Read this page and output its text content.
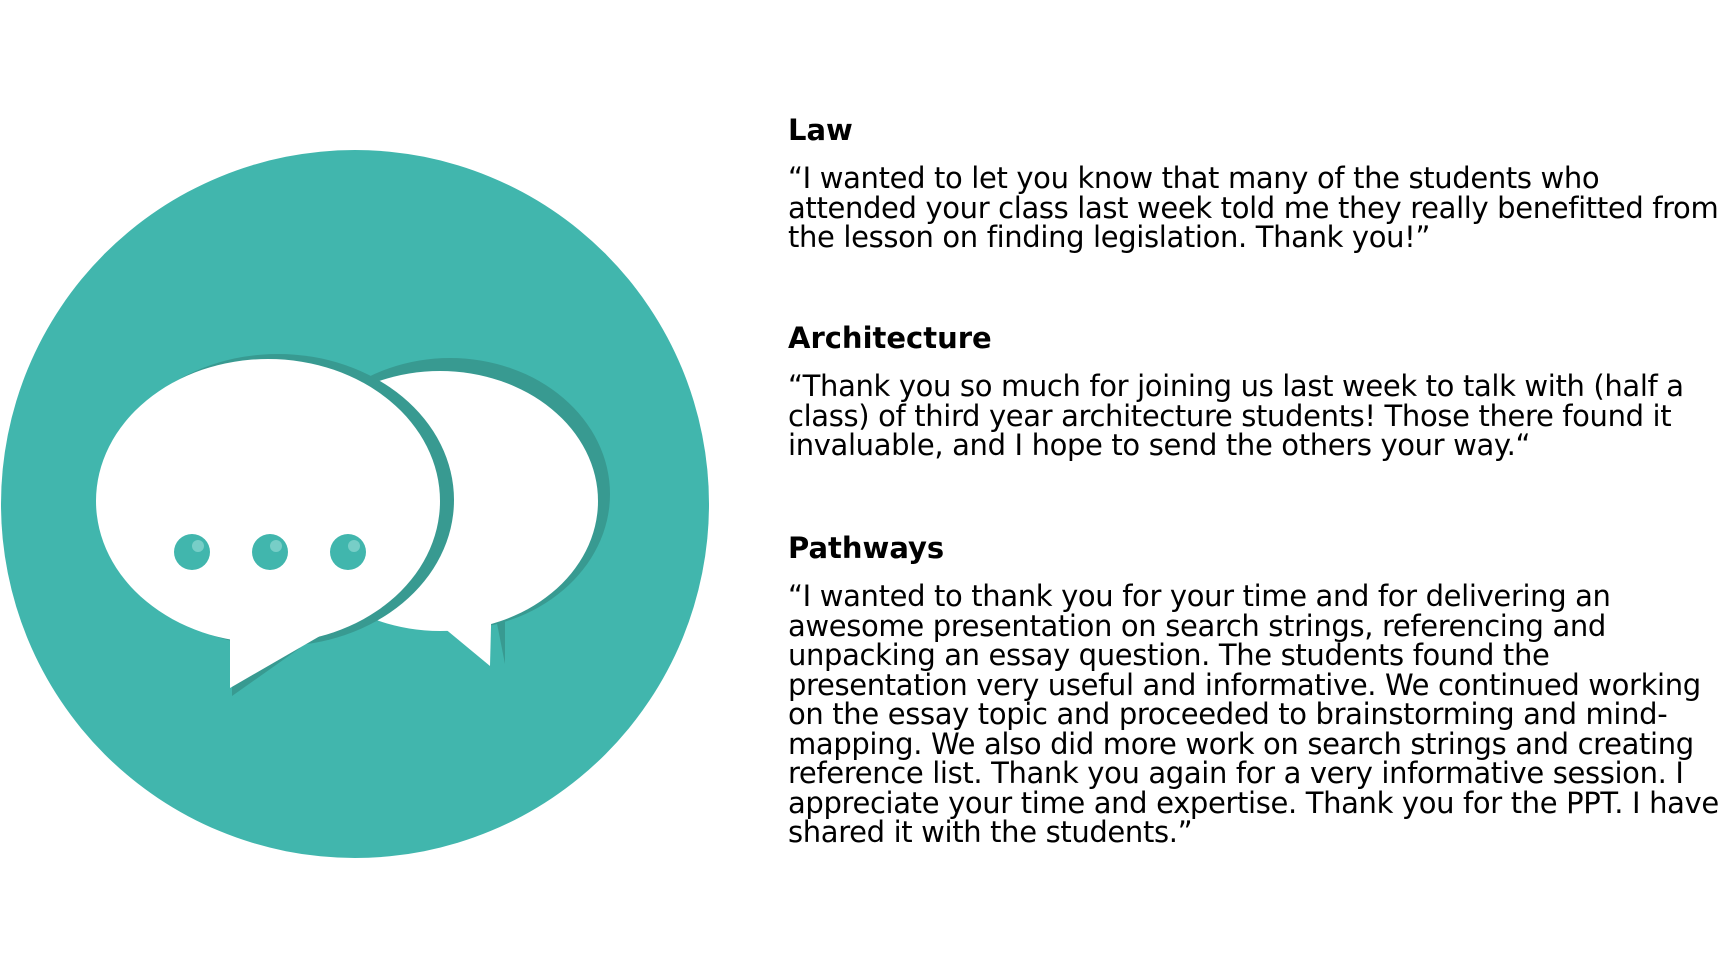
Law
“I wanted to let you know that many of the students who
attended your class last week told me they really benefitted from
the lesson on finding legislation. Thank you!”
Architecture
“Thank you so much for joining us last week to talk with (half a
class) of third year architecture students! Those there found it
invaluable, and I hope to send the others your way.“
Pathways
“I wanted to thank you for your time and for delivering an
awesome presentation on search strings, referencing and
unpacking an essay question. The students found the
presentation very useful and informative. We continued working
on the essay topic and proceeded to brainstorming and mind-
mapping. We also did more work on search strings and creating
reference list. Thank you again for a very informative session. I
appreciate your time and expertise. Thank you for the PPT. I have
shared it with the students.”
